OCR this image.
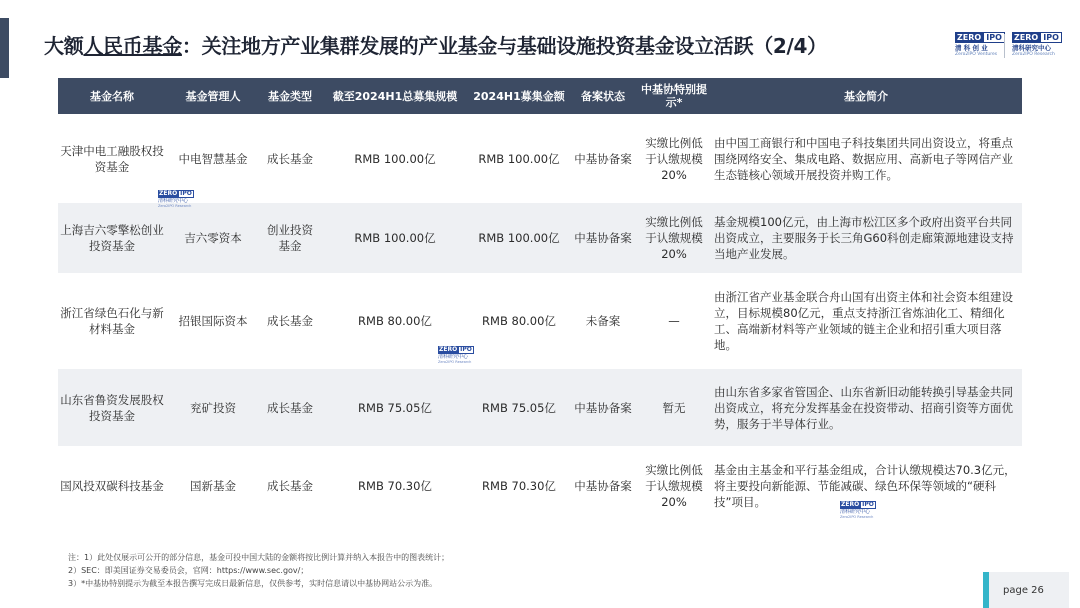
大额人民币基金：关注地方产业集群发展的产业基金与基础设施投资基金设立活跃（2/4）	ZERO IPO
清 科 创 业
Zero2IPO Ventures
ZERO IPO
清科研究中心
Zero2IPO Research
基金名称	基金管理人	基金类型	截至2024H1总募集规模	2024H1募集金额	备案状态	中基协特别提示*	基金简介
天津中电工融股权投资基金	中电智慧基金	成长基金	RMB 100.00亿	RMB 100.00亿	中基协备案	实缴比例低于认缴规模20%	由中国工商银行和中国电子科技集团共同出资设立，将重点围绕网络安全、集成电路、数据应用、高新电子等网信产业生态链核心领域开展投资并购工作。
上海吉六零擎松创业投资基金	吉六零资本	创业投资基金	RMB 100.00亿	RMB 100.00亿	中基协备案	实缴比例低于认缴规模20%	基金规模100亿元，由上海市松江区多个政府出资平台共同出资成立，主要服务于长三角G60科创走廊策源地建设支持当地产业发展。
浙江省绿色石化与新材料基金	招银国际资本	成长基金	RMB 80.00亿	RMB 80.00亿	未备案	—	由浙江省产业基金联合舟山国有出资主体和社会资本组建设立，目标规模80亿元，重点支持浙江省炼油化工、精细化工、高端新材料等产业领域的链主企业和招引重大项目落地。
山东省鲁资发展股权投资基金	兖矿投资	成长基金	RMB 75.05亿	RMB 75.05亿	中基协备案	暂无	由山东省多家省管国企、山东省新旧动能转换引导基金共同出资成立，将充分发挥基金在投资带动、招商引资等方面优势，服务于半导体行业。
国风投双碳科技基金	国新基金	成长基金	RMB 70.30亿	RMB 70.30亿	中基协备案	实缴比例低于认缴规模20%	基金由主基金和平行基金组成，合计认缴规模达70.3亿元，将主要投向新能源、节能减碳、绿色环保等领域的“硬科技”项目。
ZERO IPO
清科研究中心
Zero2IPO Research
ZERO IPO
清科研究中心
Zero2IPO Research
ZERO IPO
清科研究中心
Zero2IPO Research
注：1）此处仅展示可公开的部分信息，基金可投中国大陆的金额将按比例计算并纳入本报告中的图表统计；
2）SEC：即美国证券交易委员会，官网：https://www.sec.gov/；
3）*中基协特别提示为截至本报告撰写完成日最新信息，仅供参考，实时信息请以中基协网站公示为准。
page 26
